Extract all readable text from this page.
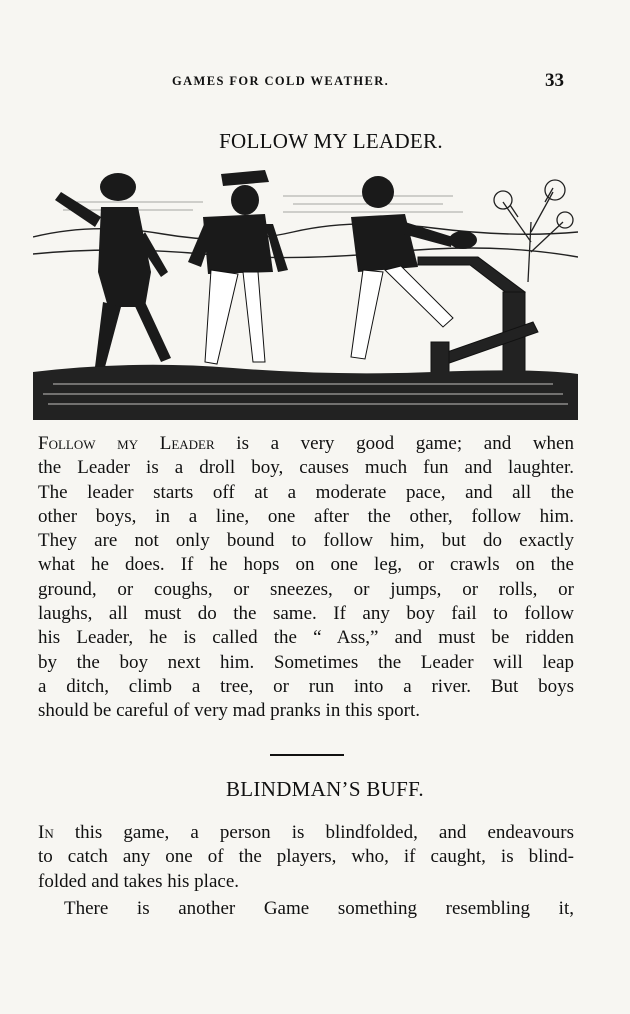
GAMES FOR COLD WEATHER.	33
FOLLOW MY LEADER.
Follow my Leader is a very good game; and when
the Leader is a droll boy, causes much fun and laughter.
The leader starts off at a moderate pace, and all the
other boys, in a line, one after the other, follow him.
They are not only bound to follow him, but do exactly
what he does. If he hops on one leg, or crawls on the
ground, or coughs, or sneezes, or jumps, or rolls, or
laughs, all must do the same. If any boy fail to follow
his Leader, he is called the “ Ass,” and must be ridden
by the boy next him. Sometimes the Leader will leap
a ditch, climb a tree, or run into a river. But boys
should be careful of very mad pranks in this sport.
BLINDMAN’S BUFF.
In this game, a person is blindfolded, and endeavours
to catch any one of the players, who, if caught, is blind-
folded and takes his place.
There is another Game something resembling it,
